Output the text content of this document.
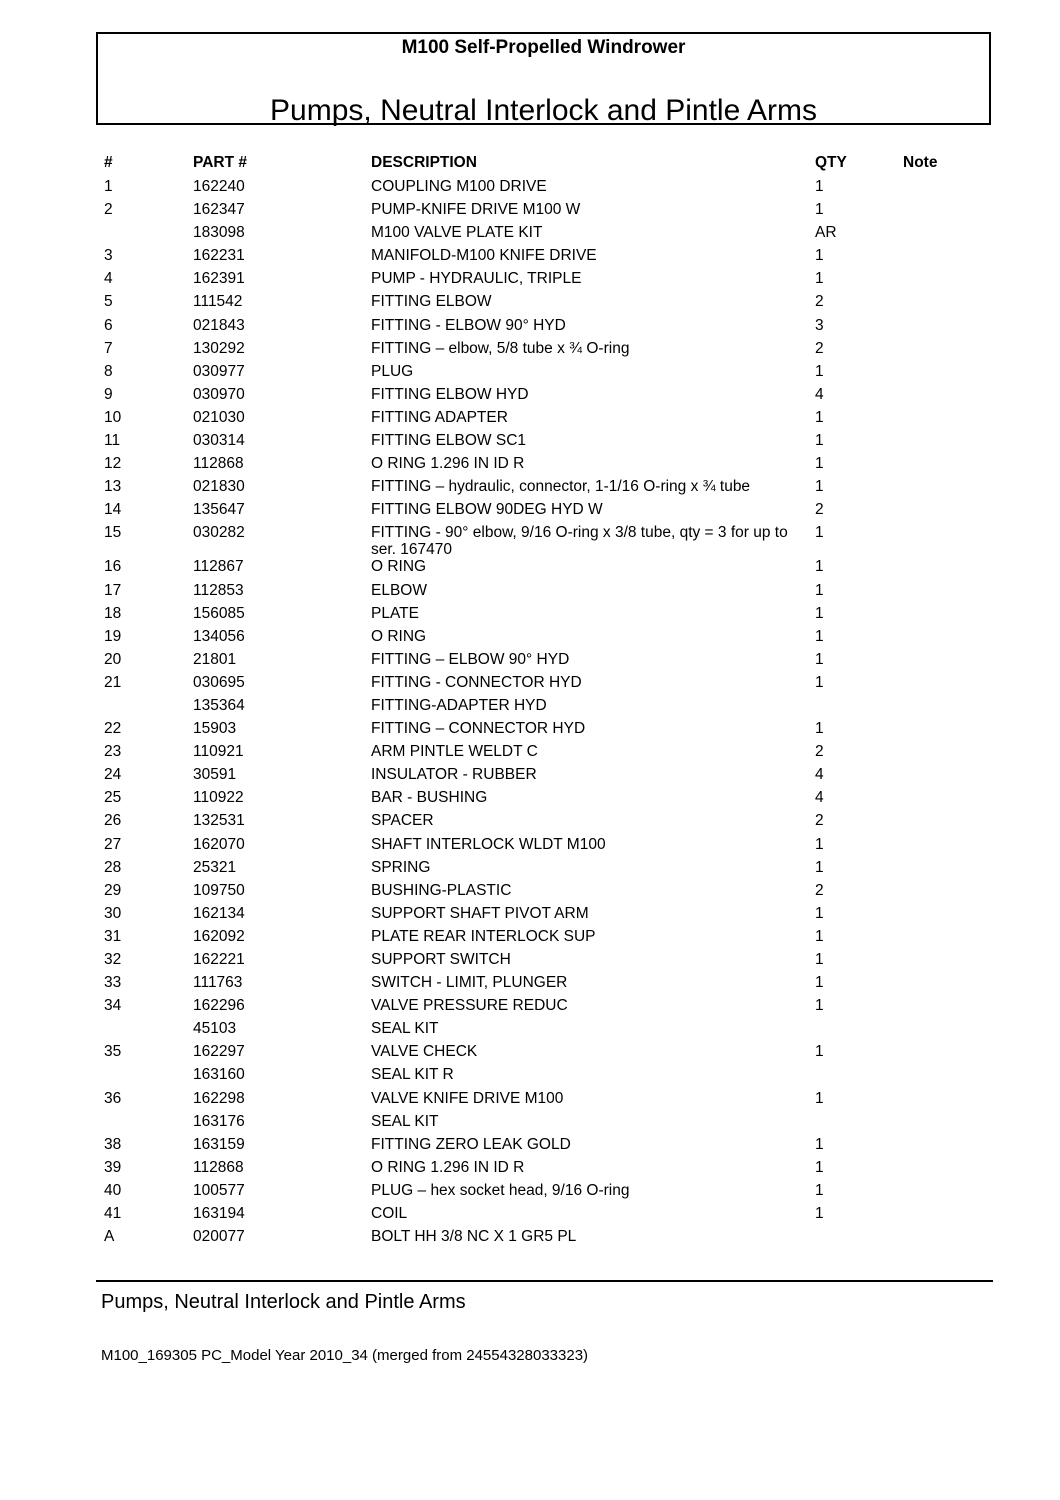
M100 Self-Propelled Windrower
Pumps, Neutral Interlock and Pintle Arms
#	PART #	DESCRIPTION	QTY	Note
1	162240	COUPLING M100 DRIVE	1	
2	162347	PUMP-KNIFE DRIVE M100 W	1	
	183098	M100 VALVE PLATE KIT	AR	
3	162231	MANIFOLD-M100 KNIFE DRIVE	1	
4	162391	PUMP - HYDRAULIC, TRIPLE	1	
5	111542	FITTING ELBOW	2	
6	021843	FITTING - ELBOW 90° HYD	3	
7	130292	FITTING – elbow, 5/8 tube x ¾ O-ring	2	
8	030977	PLUG	1	
9	030970	FITTING ELBOW HYD	4	
10	021030	FITTING ADAPTER	1	
11	030314	FITTING ELBOW SC1	1	
12	112868	O RING 1.296 IN ID R	1	
13	021830	FITTING – hydraulic, connector, 1-1/16 O-ring x ¾ tube	1	
14	135647	FITTING ELBOW 90DEG HYD W	2	
15	030282	FITTING - 90° elbow, 9/16 O-ring x 3/8 tube, qty = 3 for up to ser. 167470	1	
16	112867	O RING	1	
17	112853	ELBOW	1	
18	156085	PLATE	1	
19	134056	O RING	1	
20	21801	FITTING – ELBOW 90° HYD	1	
21	030695	FITTING - CONNECTOR HYD	1	
	135364	FITTING-ADAPTER HYD		
22	15903	FITTING – CONNECTOR HYD	1	
23	110921	ARM PINTLE WELDT C	2	
24	30591	INSULATOR - RUBBER	4	
25	110922	BAR - BUSHING	4	
26	132531	SPACER	2	
27	162070	SHAFT INTERLOCK WLDT M100	1	
28	25321	SPRING	1	
29	109750	BUSHING-PLASTIC	2	
30	162134	SUPPORT SHAFT PIVOT ARM	1	
31	162092	PLATE REAR INTERLOCK SUP	1	
32	162221	SUPPORT SWITCH	1	
33	111763	SWITCH - LIMIT, PLUNGER	1	
34	162296	VALVE PRESSURE REDUC	1	
	45103	SEAL KIT		
35	162297	VALVE CHECK	1	
	163160	SEAL KIT R		
36	162298	VALVE KNIFE DRIVE M100	1	
	163176	SEAL KIT		
38	163159	FITTING ZERO LEAK GOLD	1	
39	112868	O RING 1.296 IN ID R	1	
40	100577	PLUG – hex socket head, 9/16 O-ring	1	
41	163194	COIL	1	
A	020077	BOLT HH 3/8 NC X 1 GR5 PL		
Pumps, Neutral Interlock and Pintle Arms
M100_169305 PC_Model Year 2010_34 (merged from 24554328033323)
